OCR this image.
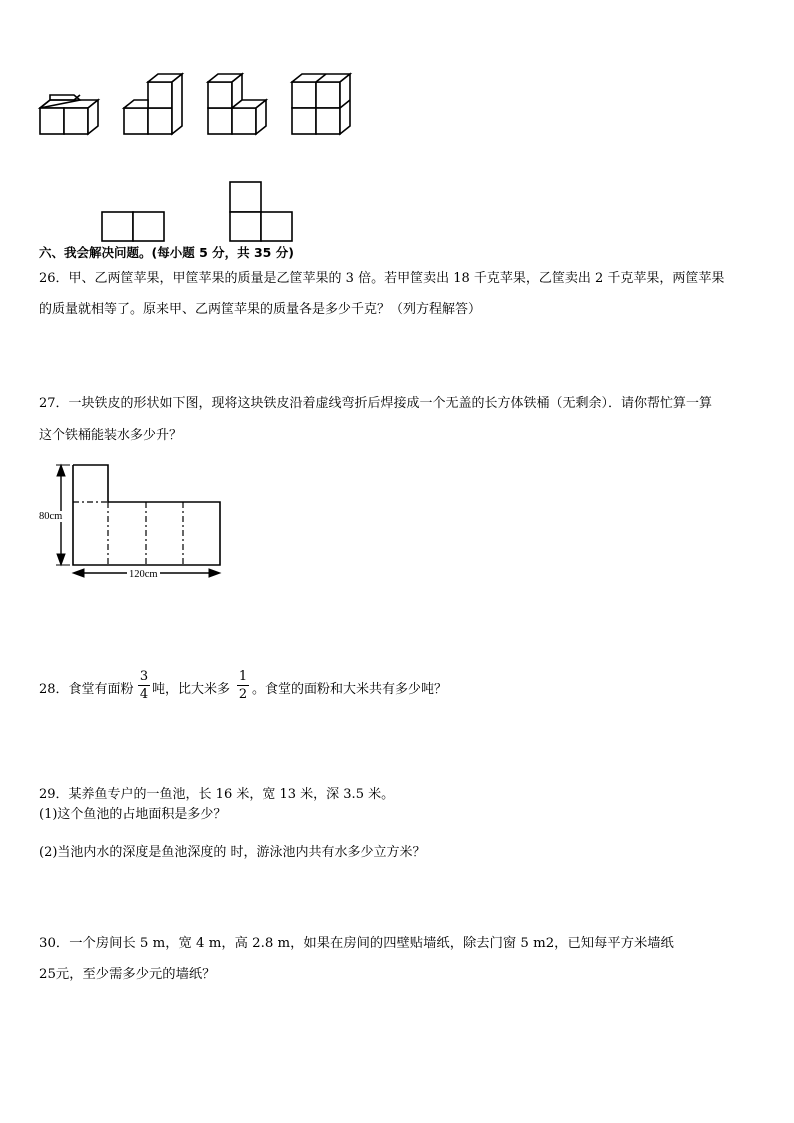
六、我会解决问题。(每小题 5 分，共 35 分)
26．甲、乙两筐苹果，甲筐苹果的质量是乙筐苹果的 3 倍。若甲筐卖出 18 千克苹果，乙筐卖出 2 千克苹果，两筐苹果
的质量就相等了。原来甲、乙两筐苹果的质量各是多少千克？（列方程解答）
27．一块铁皮的形状如下图，现将这块铁皮沿着虚线弯折后焊接成一个无盖的长方体铁桶（无剩余）．请你帮忙算一算
这个铁桶能装水多少升？
80cm
120cm
28．食堂有面粉
3
4 吨，比大米多
1
2 。食堂的面粉和大米共有多少吨？
29．某养鱼专户的一鱼池，长 16 米，宽 13 米，深 3.5 米。
(1)这个鱼池的占地面积是多少？
(2)当池内水的深度是鱼池深度的 时，游泳池内共有水多少立方米？
30．一个房间长 5 m，宽 4 m，高 2.8 m，如果在房间的四壁贴墙纸，除去门窗 5 m2，已知每平方米墙纸
25元，至少需多少元的墙纸？
